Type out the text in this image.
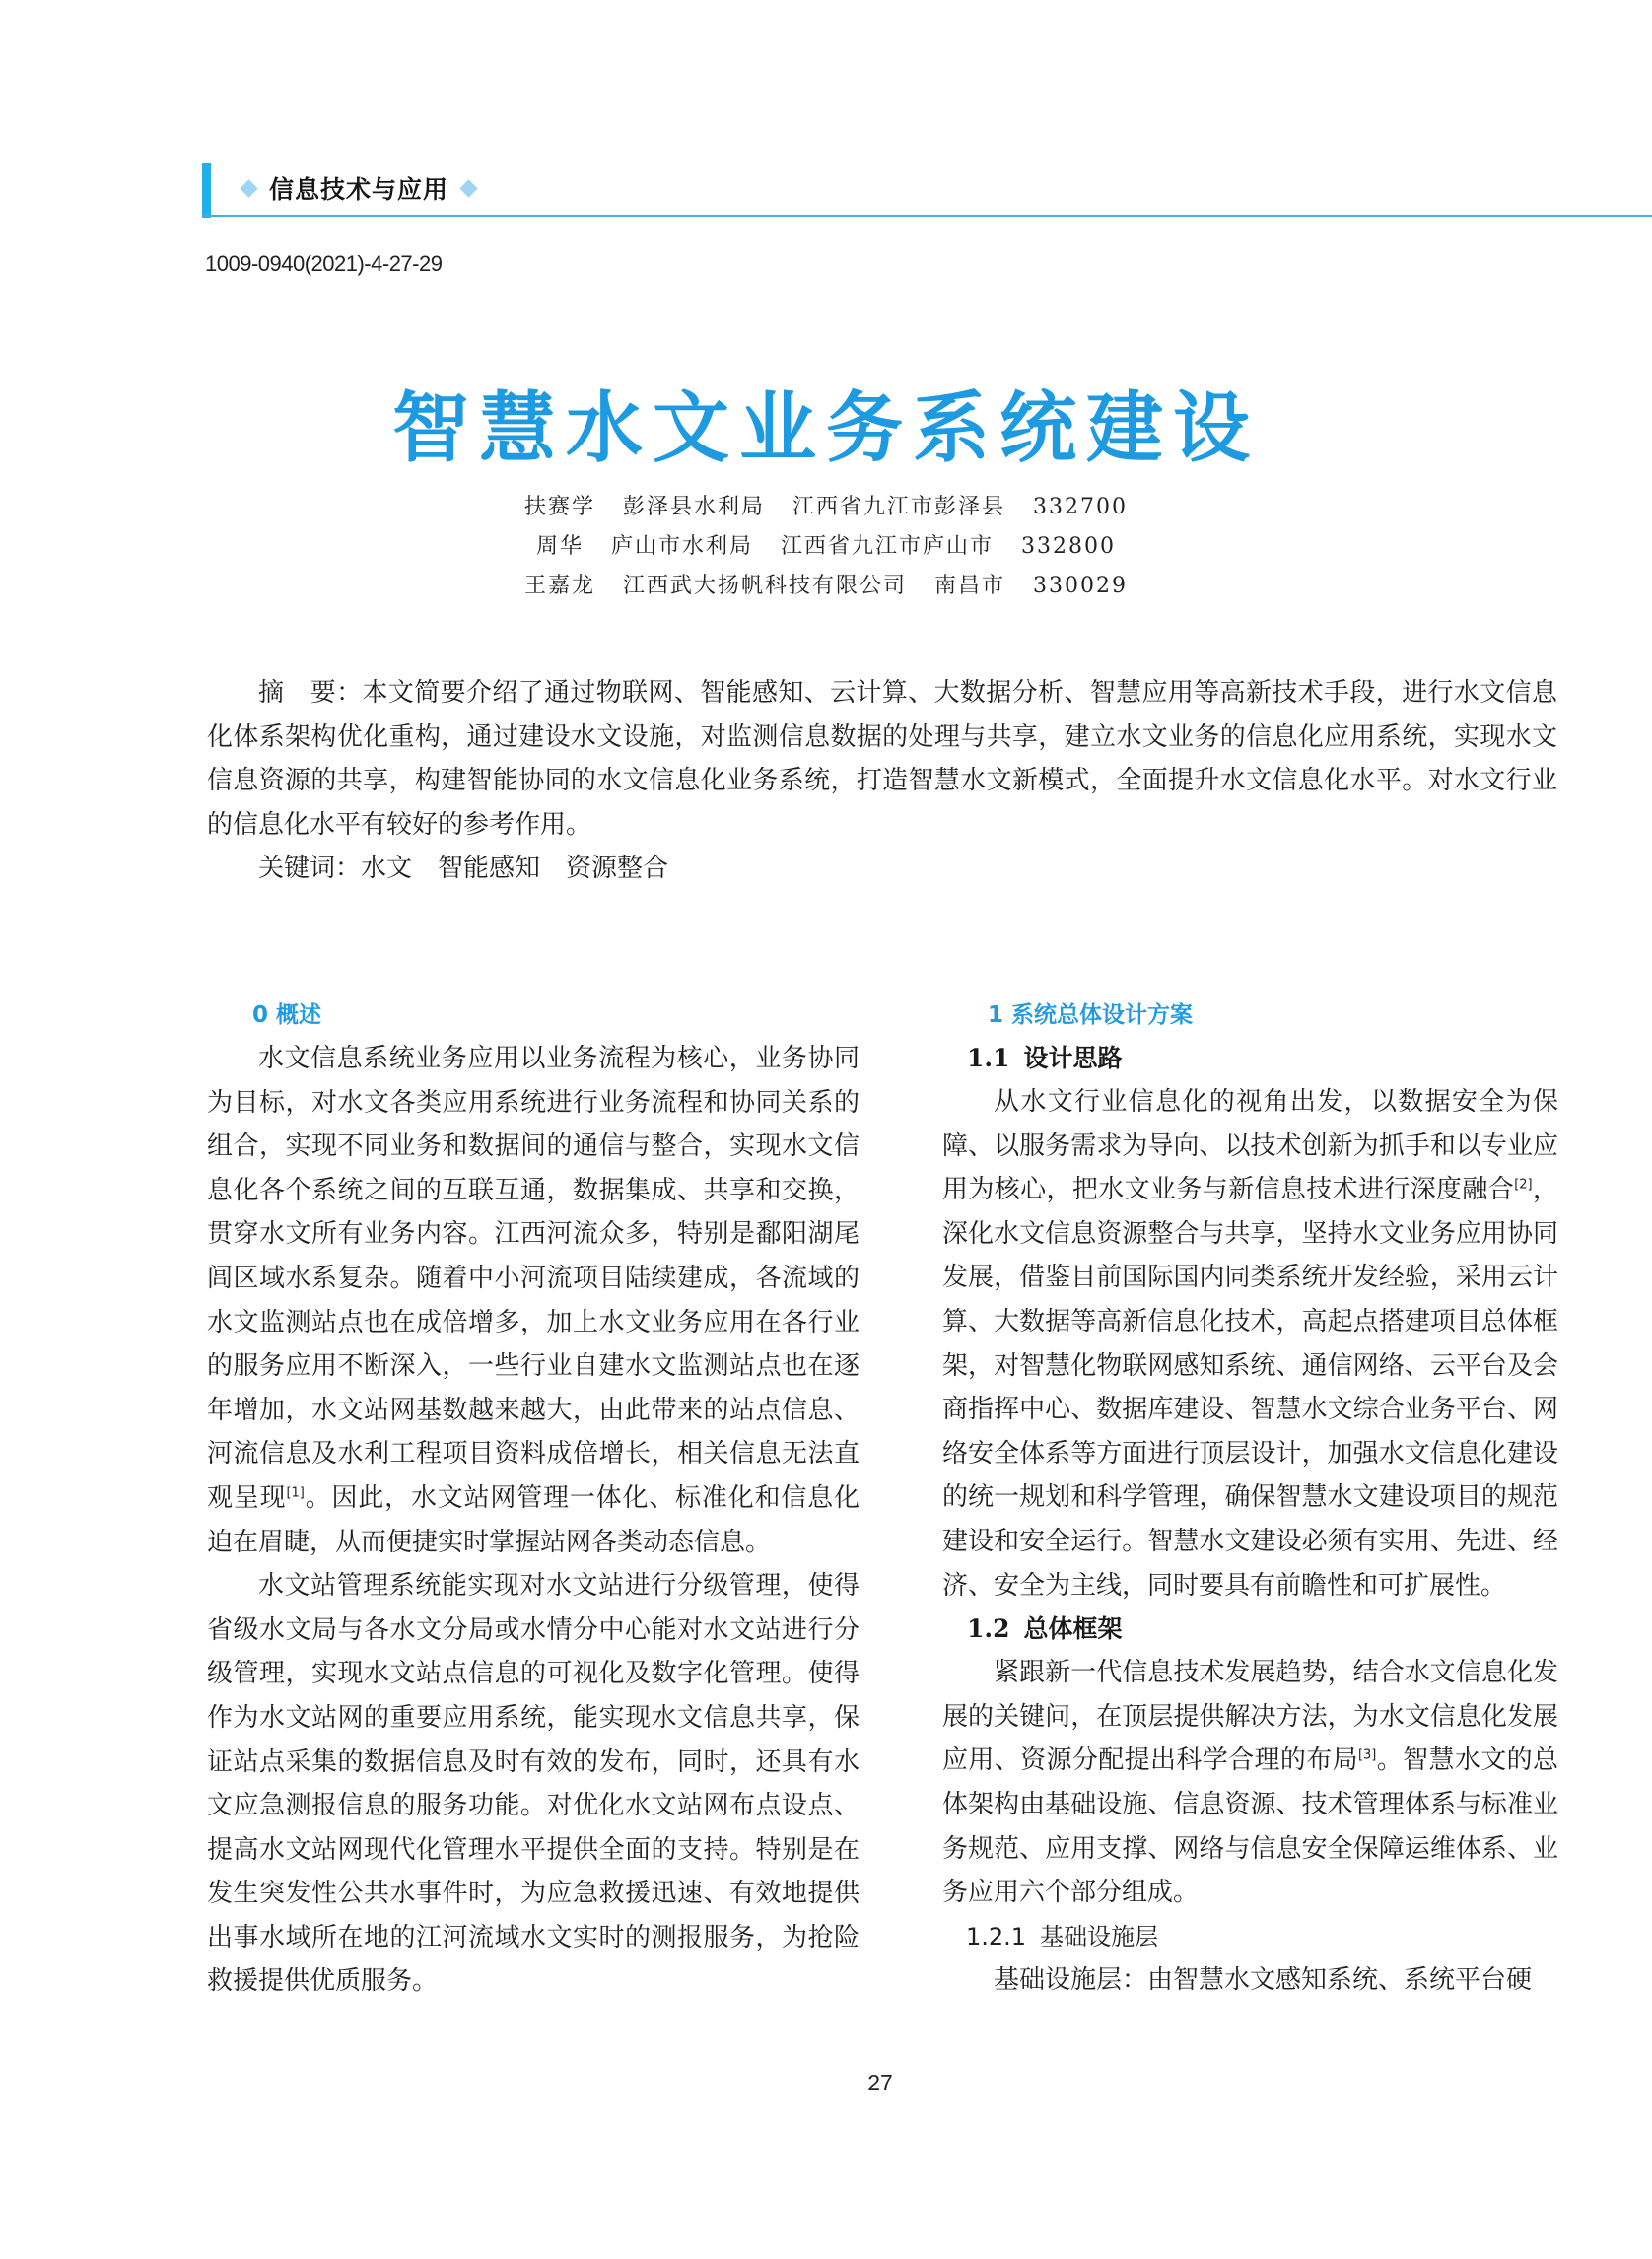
信息技术与应用
1009-0940(2021)-4-27-29
智慧水文业务系统建设
扶赛学 彭泽县水利局 江西省九江市彭泽县 332700
周华 庐山市水利局 江西省九江市庐山市 332800
王嘉龙 江西武大扬帆科技有限公司 南昌市 330029

摘　要：本文简要介绍了通过物联网、智能感知、云计算、大数据分析、智慧应用等高新技术手段，进行水文信息化体系架构优化重构，通过建设水文设施，对监测信息数据的处理与共享，建立水文业务的信息化应用系统，实现水文信息资源的共享，构建智能协同的水文信息化业务系统，打造智慧水文新模式，全面提升水文信息化水平。对水文行业的信息化水平有较好的参考作用。

关键词：水文 智能感知 资源整合

0 概述

水文信息系统业务应用以业务流程为核心，业务协同为目标，对水文各类应用系统进行业务流程和协同关系的组合，实现不同业务和数据间的通信与整合，实现水文信息化各个系统之间的互联互通，数据集成、共享和交换，贯穿水文所有业务内容。江西河流众多，特别是鄱阳湖尾闾区域水系复杂。随着中小河流项目陆续建成，各流域的水文监测站点也在成倍增多，加上水文业务应用在各行业的服务应用不断深入，一些行业自建水文监测站点也在逐年增加，水文站网基数越来越大，由此带来的站点信息、河流信息及水利工程项目资料成倍增长，相关信息无法直观呈现[1]。因此，水文站网管理一体化、标准化和信息化迫在眉睫，从而便捷实时掌握站网各类动态信息。

水文站管理系统能实现对水文站进行分级管理，使得省级水文局与各水文分局或水情分中心能对水文站进行分级管理，实现水文站点信息的可视化及数字化管理。使得作为水文站网的重要应用系统，能实现水文信息共享，保证站点采集的数据信息及时有效的发布，同时，还具有水文应急测报信息的服务功能。对优化水文站网布点设点、提高水文站网现代化管理水平提供全面的支持。特别是在发生突发性公共水事件时，为应急救援迅速、有效地提供出事水域所在地的江河流域水文实时的测报服务，为抢险救援提供优质服务。

1 系统总体设计方案
1.1 设计思路

从水文行业信息化的视角出发，以数据安全为保障、以服务需求为导向、以技术创新为抓手和以专业应用为核心，把水文业务与新信息技术进行深度融合[2]，深化水文信息资源整合与共享，坚持水文业务应用协同发展，借鉴目前国际国内同类系统开发经验，采用云计算、大数据等高新信息化技术，高起点搭建项目总体框架，对智慧化物联网感知系统、通信网络、云平台及会商指挥中心、数据库建设、智慧水文综合业务平台、网络安全体系等方面进行顶层设计，加强水文信息化建设的统一规划和科学管理，确保智慧水文建设项目的规范建设和安全运行。智慧水文建设必须有实用、先进、经济、安全为主线，同时要具有前瞻性和可扩展性。

1.2 总体框架

紧跟新一代信息技术发展趋势，结合水文信息化发展的关键问，在顶层提供解决方法，为水文信息化发展应用、资源分配提出科学合理的布局[3]。智慧水文的总体架构由基础设施、信息资源、技术管理体系与标准业务规范、应用支撑、网络与信息安全保障运维体系、业务应用六个部分组成。

1.2.1 基础设施层

基础设施层：由智慧水文感知系统、系统平台硬

27
